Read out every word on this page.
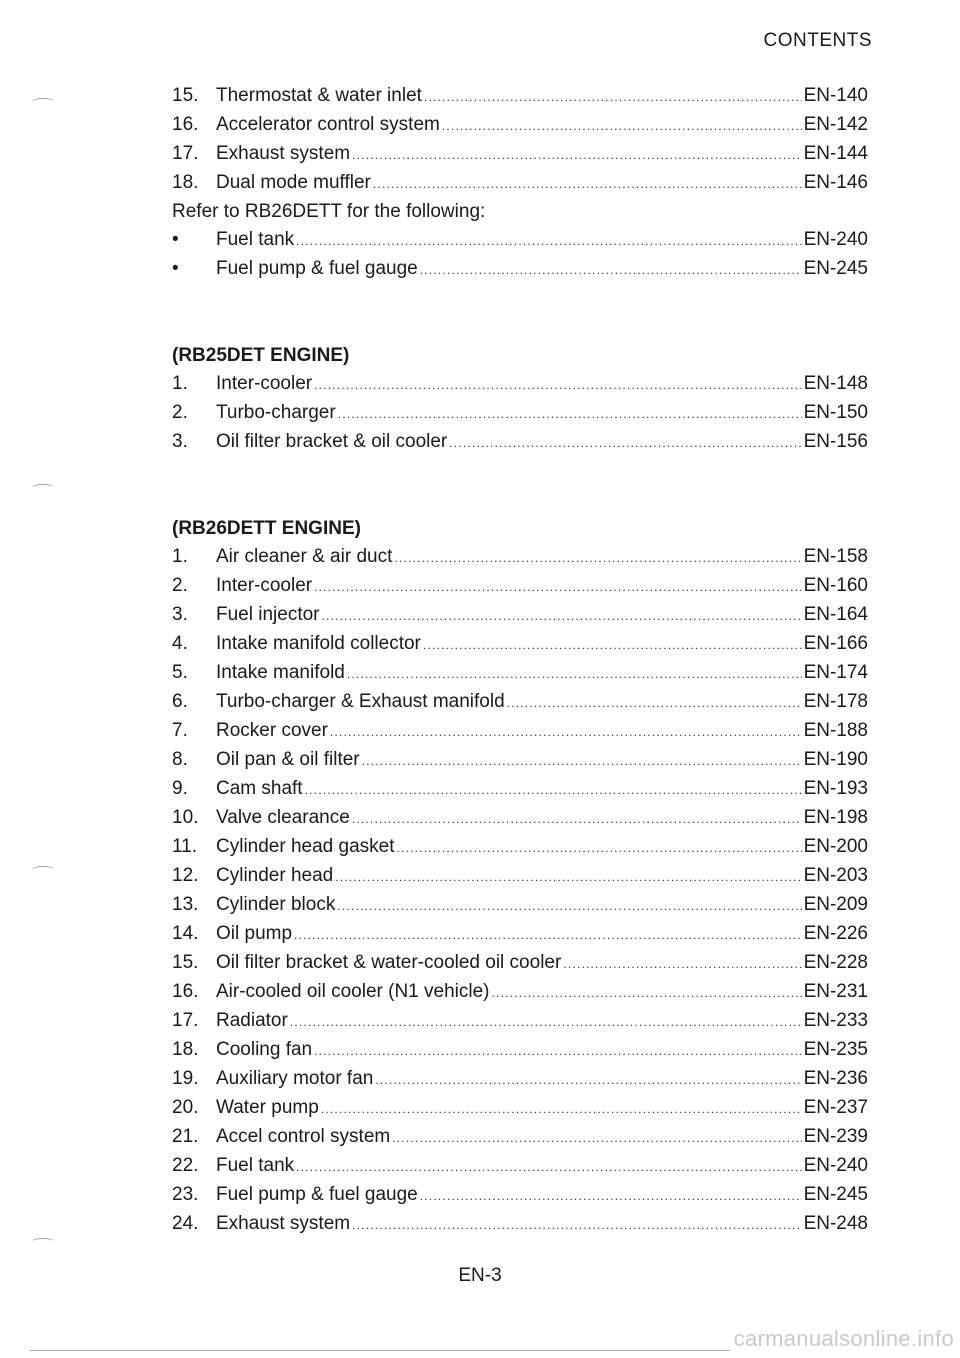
CONTENTS
15. Thermostat & water inlet .....	EN-140
16. Accelerator control system .....	EN-142
17. Exhaust system .....	EN-144
18. Dual mode muffler .....	EN-146
Refer to RB26DETT for the following:
•	Fuel tank .....	EN-240
•	Fuel pump & fuel gauge .....	EN-245
(RB25DET ENGINE)
1.	Inter-cooler .....	EN-148
2.	Turbo-charger .....	EN-150
3.	Oil filter bracket & oil cooler .....	EN-156
(RB26DETT ENGINE)
1.	Air cleaner & air duct .....	EN-158
2.	Inter-cooler .....	EN-160
3.	Fuel injector .....	EN-164
4.	Intake manifold collector .....	EN-166
5.	Intake manifold .....	EN-174
6.	Turbo-charger & Exhaust manifold .....	EN-178
7.	Rocker cover .....	EN-188
8.	Oil pan & oil filter .....	EN-190
9.	Cam shaft .....	EN-193
10. Valve clearance .....	EN-198
11. Cylinder head gasket .....	EN-200
12. Cylinder head .....	EN-203
13. Cylinder block .....	EN-209
14. Oil pump .....	EN-226
15. Oil filter bracket & water-cooled oil cooler .....	EN-228
16. Air-cooled oil cooler (N1 vehicle) .....	EN-231
17. Radiator .....	EN-233
18. Cooling fan .....	EN-235
19. Auxiliary motor fan .....	EN-236
20. Water pump .....	EN-237
21. Accel control system .....	EN-239
22. Fuel tank .....	EN-240
23. Fuel pump & fuel gauge .....	EN-245
24. Exhaust system .....	EN-248
EN-3
carmanualsonline.info
